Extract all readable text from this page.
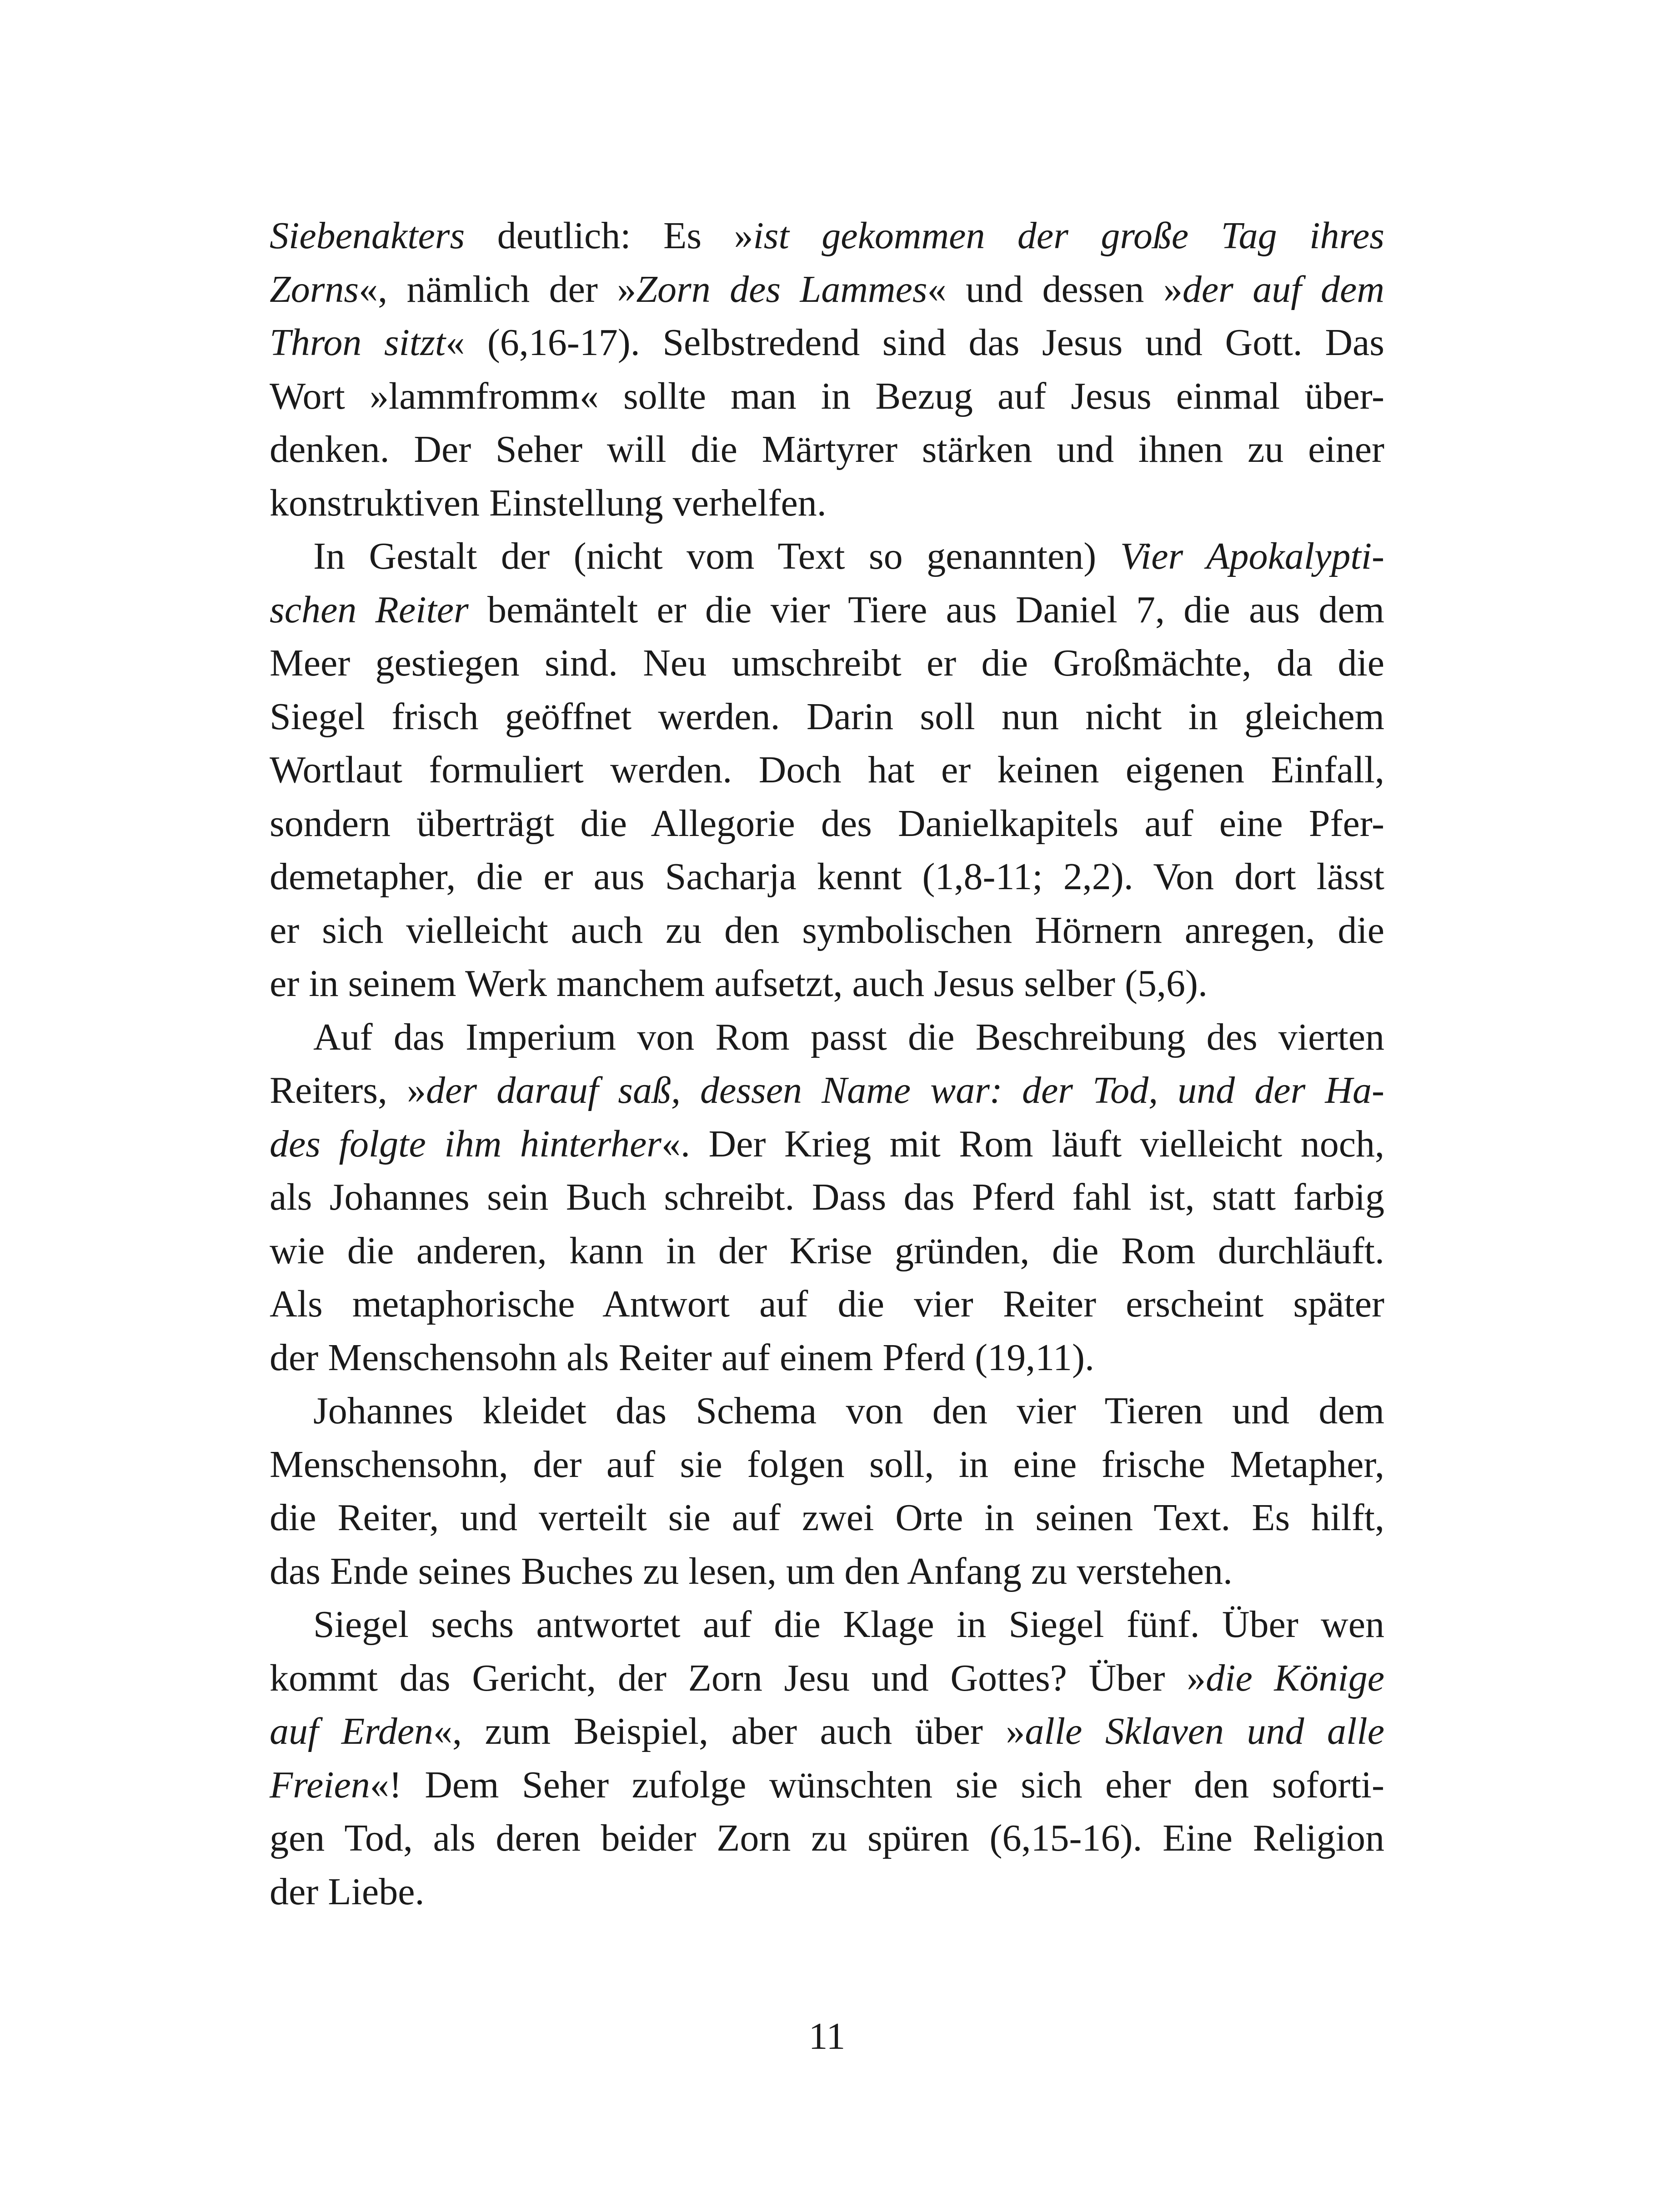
Siebenakters deutlich: Es »ist gekommen der große Tag ihres
Zorns«, nämlich der »Zorn des Lammes« und dessen »der auf dem
Thron sitzt« (6,16-17). Selbstredend sind das Jesus und Gott. Das
Wort »lammfromm« sollte man in Bezug auf Jesus einmal über-
denken. Der Seher will die Märtyrer stärken und ihnen zu einer
konstruktiven Einstellung verhelfen.
In Gestalt der (nicht vom Text so genannten) Vier Apokalypti-
schen Reiter bemäntelt er die vier Tiere aus Daniel 7, die aus dem
Meer gestiegen sind. Neu umschreibt er die Großmächte, da die
Siegel frisch geöffnet werden. Darin soll nun nicht in gleichem
Wortlaut formuliert werden. Doch hat er keinen eigenen Einfall,
sondern überträgt die Allegorie des Danielkapitels auf eine Pfer-
demetapher, die er aus Sacharja kennt (1,8-11; 2,2). Von dort lässt
er sich vielleicht auch zu den symbolischen Hörnern anregen, die
er in seinem Werk manchem aufsetzt, auch Jesus selber (5,6).
Auf das Imperium von Rom passt die Beschreibung des vierten
Reiters, »der darauf saß, dessen Name war: der Tod, und der Ha-
des folgte ihm hinterher«. Der Krieg mit Rom läuft vielleicht noch,
als Johannes sein Buch schreibt. Dass das Pferd fahl ist, statt farbig
wie die anderen, kann in der Krise gründen, die Rom durchläuft.
Als metaphorische Antwort auf die vier Reiter erscheint später
der Menschensohn als Reiter auf einem Pferd (19,11).
Johannes kleidet das Schema von den vier Tieren und dem
Menschensohn, der auf sie folgen soll, in eine frische Metapher,
die Reiter, und verteilt sie auf zwei Orte in seinen Text. Es hilft,
das Ende seines Buches zu lesen, um den Anfang zu verstehen.
Siegel sechs antwortet auf die Klage in Siegel fünf. Über wen
kommt das Gericht, der Zorn Jesu und Gottes? Über »die Könige
auf Erden«, zum Beispiel, aber auch über »alle Sklaven und alle
Freien«! Dem Seher zufolge wünschten sie sich eher den soforti-
gen Tod, als deren beider Zorn zu spüren (6,15-16). Eine Religion
der Liebe.
11
